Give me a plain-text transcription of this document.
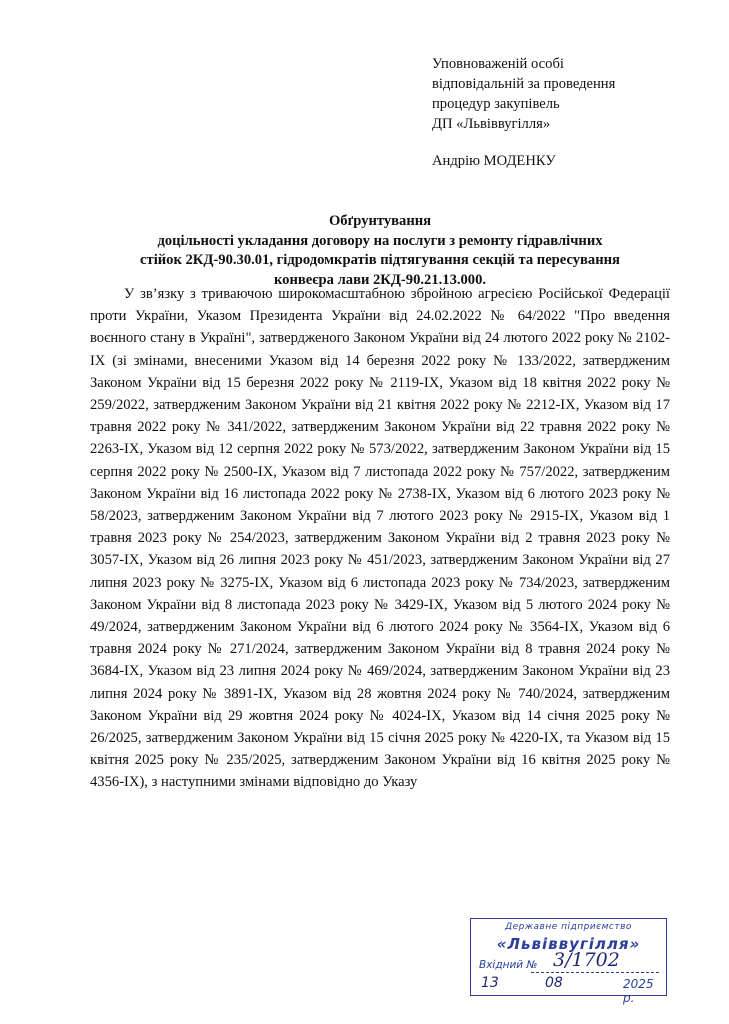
Уповноваженій особі
відповідальній за проведення
процедур закупівель
ДП «Львіввугілля»
Андрію МОДЕНКУ
Обґрунтування
доцільності укладання договору на послуги з ремонту гідравлічних
стійок 2КД-90.30.01, гідродомкратів підтягування секцій та пересування
конвеєра лави 2КД-90.21.13.000.

У зв’язку з тривaючою широкомасштабною збройною агресією Російської Федерації проти України, Указом Президента України від 24.02.2022 № 64/2022 "Про введення воєнного стану в Україні", затвердженого Законом України від 24 лютого 2022 року № 2102-IX (зі змінами, внесеними Указом від 14 березня 2022 року № 133/2022, затвердженим Законом України від 15 березня 2022 року № 2119-IX, Указом від 18 квітня 2022 року № 259/2022, затвердженим Законом України від 21 квітня 2022 року № 2212-IX, Указом від 17 травня 2022 року № 341/2022, затвердженим Законом України від 22 травня 2022 року № 2263-IX, Указом від 12 серпня 2022 року № 573/2022, затвердженим Законом України від 15 серпня 2022 року № 2500-IX, Указом від 7 листопада 2022 року № 757/2022, затвердженим Законом України від 16 листопада 2022 року № 2738-IX, Указом від 6 лютого 2023 року № 58/2023, затвердженим Законом України від 7 лютого 2023 року № 2915-IX, Указом від 1 травня 2023 року № 254/2023, затвердженим Законом України від 2 травня 2023 року № 3057-IX, Указом від 26 липня 2023 року № 451/2023, затвердженим Законом України від 27 липня 2023 року № 3275-IX, Указом від 6 листопада 2023 року № 734/2023, затвердженим Законом України від 8 листопада 2023 року № 3429-IX, Указом від 5 лютого 2024 року № 49/2024, затвердженим Законом України від 6 лютого 2024 року № 3564-IX, Указом від 6 травня 2024 року № 271/2024, затвердженим Законом України від 8 травня 2024 року № 3684-IX, Указом від 23 липня 2024 року № 469/2024, затвердженим Законом України від 23 липня 2024 року № 3891-IX, Указом від 28 жовтня 2024 року № 740/2024, затвердженим Законом України від 29 жовтня 2024 року № 4024-IX, Указом від 14 січня 2025 року № 26/2025, затвердженим Законом України від 15 січня 2025 року № 4220-IX, та Указом від 15 квітня 2025 року № 235/2025, затвердженим Законом України від 16 квітня 2025 року № 4356-IX), з наступними змінами відповідно до Указу

Державне підприємство
«Львіввугілля»
Вхідний № 3/1702
13	08	2025 р.
